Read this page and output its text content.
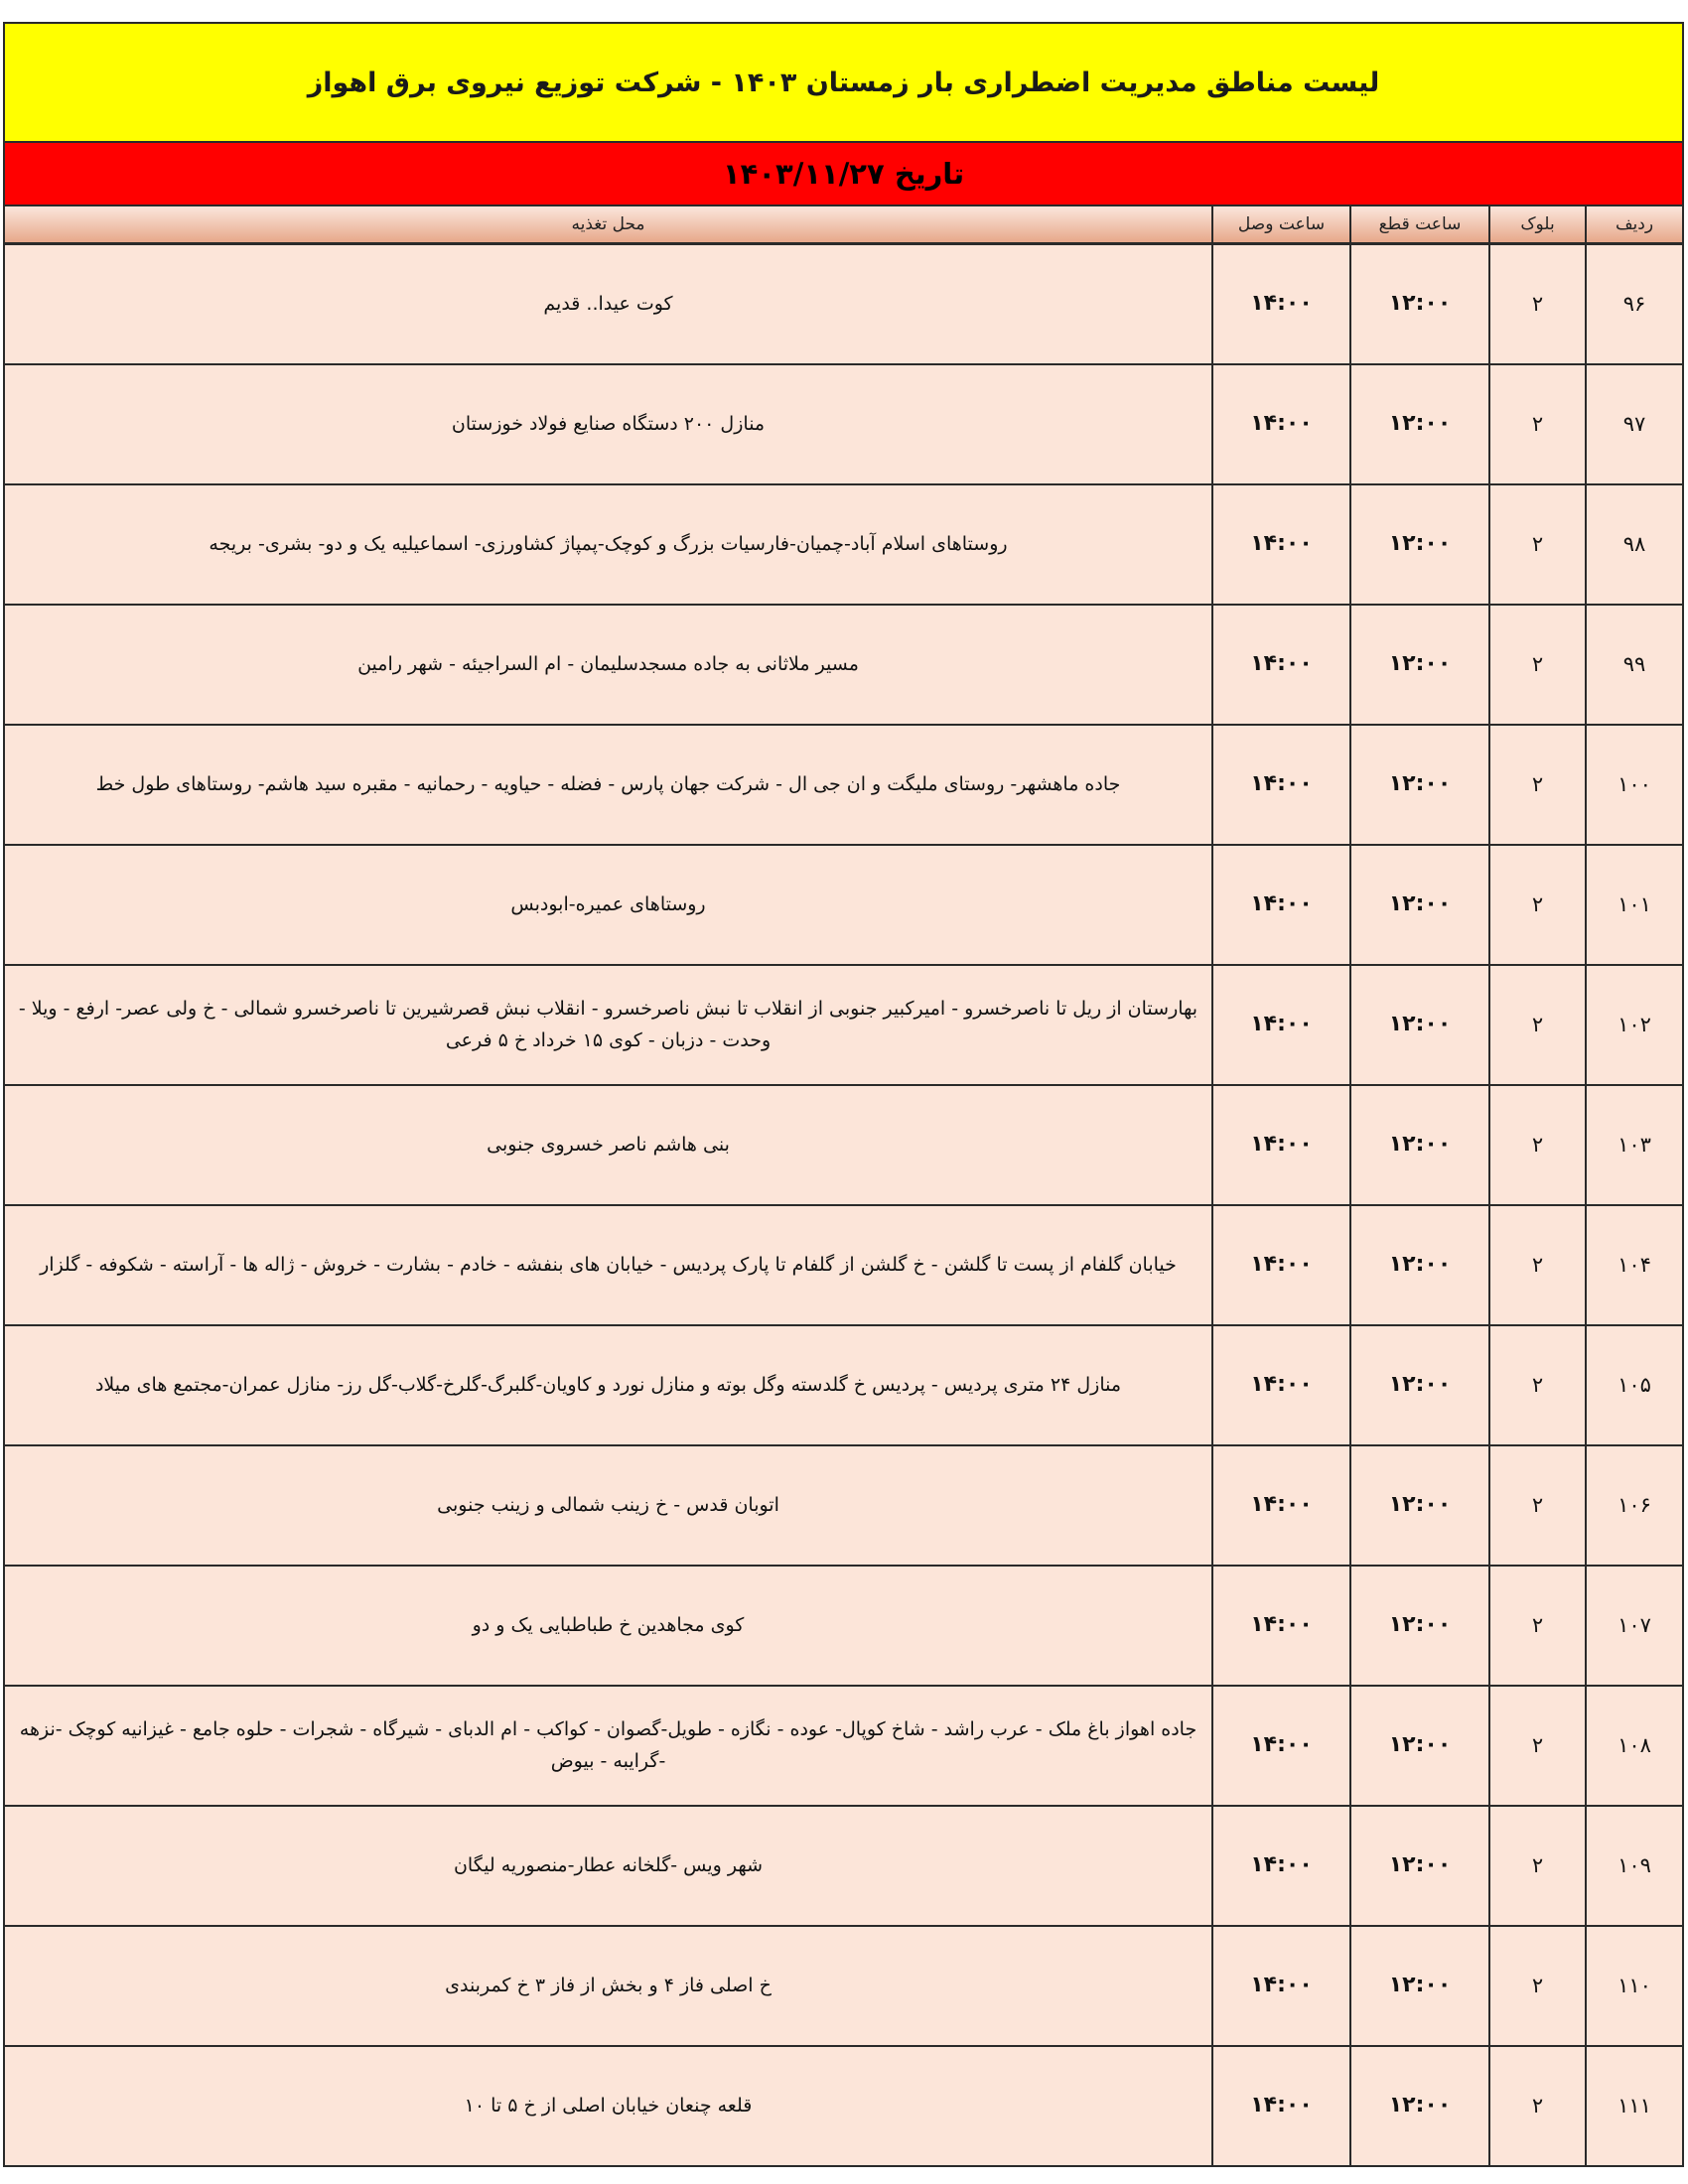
لیست مناطق مدیریت اضطراری بار زمستان ۱۴۰۳ - شرکت توزیع نیروی برق اهواز
تاریخ ۱۴۰۳/۱۱/۲۷
ردیف	بلوک	ساعت قطع	ساعت وصل	محل تغذیه
۹۶	۲	۱۲:۰۰	۱۴:۰۰	کوت عیدا.. قدیم
۹۷	۲	۱۲:۰۰	۱۴:۰۰	منازل ۲۰۰ دستگاه صنایع فولاد خوزستان
۹۸	۲	۱۲:۰۰	۱۴:۰۰	روستاهای اسلام آباد-چمیان-فارسیات بزرگ و کوچک-پمپاژ کشاورزی- اسماعیلیه یک و دو- بشری- بریجه
۹۹	۲	۱۲:۰۰	۱۴:۰۰	مسیر ملاثانی به جاده مسجدسلیمان - ام السراجیئه - شهر رامین
۱۰۰	۲	۱۲:۰۰	۱۴:۰۰	جاده ماهشهر- روستای ملیگت و ان جی ال - شرکت جهان پارس - فضله - حیاویه - رحمانیه - مقبره سید هاشم- روستاهای طول خط
۱۰۱	۲	۱۲:۰۰	۱۴:۰۰	روستاهای عمیره-ابودبس
۱۰۲	۲	۱۲:۰۰	۱۴:۰۰	بهارستان از ریل تا ناصرخسرو - امیرکبیر جنوبی از انقلاب تا نبش ناصرخسرو - انقلاب نبش قصرشیرین تا ناصرخسرو شمالی - خ ولی عصر- ارفع - ویلا - وحدت - دزبان - کوی ۱۵ خرداد خ ۵ فرعی
۱۰۳	۲	۱۲:۰۰	۱۴:۰۰	بنی هاشم ناصر خسروی جنوبی
۱۰۴	۲	۱۲:۰۰	۱۴:۰۰	خیابان گلفام از پست تا گلشن - خ گلشن از گلفام تا پارک پردیس - خیابان های بنفشه - خادم - بشارت - خروش - ژاله ها - آراسته - شکوفه - گلزار
۱۰۵	۲	۱۲:۰۰	۱۴:۰۰	منازل ۲۴ متری پردیس - پردیس خ گلدسته وگل بوته و منازل نورد و کاویان-گلبرگ-گلرخ-گلاب-گل رز- منازل عمران-مجتمع های میلاد
۱۰۶	۲	۱۲:۰۰	۱۴:۰۰	اتوبان قدس - خ زینب شمالی و زینب جنوبی
۱۰۷	۲	۱۲:۰۰	۱۴:۰۰	کوی مجاهدین خ طباطبایی یک و دو
۱۰۸	۲	۱۲:۰۰	۱۴:۰۰	جاده اهواز باغ ملک - عرب راشد - شاخ کوپال- عوده - نگازه - طویل-گصوان - کواکب - ام الدبای - شیرگاه - شجرات - حلوه جامع - غیزانیه کوچک -نزهه -گرایبه - بیوض
۱۰۹	۲	۱۲:۰۰	۱۴:۰۰	شهر ویس -گلخانه عطار-منصوریه لیگان
۱۱۰	۲	۱۲:۰۰	۱۴:۰۰	خ اصلی فاز ۴ و بخش از فاز ۳ خ کمربندی
۱۱۱	۲	۱۲:۰۰	۱۴:۰۰	قلعه چنعان خیابان اصلی از خ ۵ تا ۱۰
